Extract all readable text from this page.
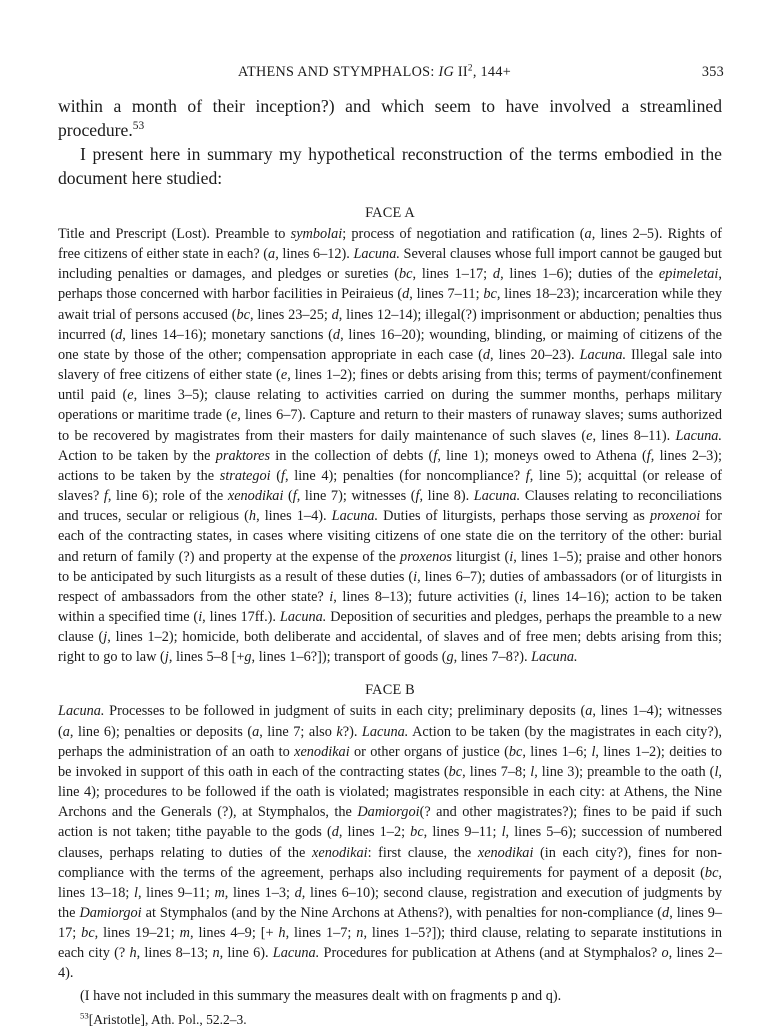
ATHENS AND STYMPHALOS: IG $II^2$, 144+	353

within a month of their inception?) and which seem to have involved a streamlined procedure.$^{53}$

I present here in summary my hypothetical reconstruction of the terms embodied in the document here studied:

FACE A

Title and Prescript (Lost). Preamble to symbolai; process of negotiation and ratification (a, lines 2–5). Rights of free citizens of either state in each? (a, lines 6–12). Lacuna. Several clauses whose full import cannot be gauged but including penalties or damages, and pledges or sureties (bc, lines 1–17; d, lines 1–6); duties of the epimeletai, perhaps those concerned with harbor facilities in Peiraieus (d, lines 7–11; bc, lines 18–23); incarceration while they await trial of persons accused (bc, lines 23–25; d, lines 12–14); illegal(?) imprisonment or abduction; penalties thus incurred (d, lines 14–16); monetary sanctions (d, lines 16–20); wounding, blinding, or maiming of citizens of the one state by those of the other; compensation appropriate in each case (d, lines 20–23). Lacuna. Illegal sale into slavery of free citizens of either state (e, lines 1–2); fines or debts arising from this; terms of payment/confinement until paid (e, lines 3–5); clause relating to activities carried on during the summer months, perhaps military operations or maritime trade (e, lines 6–7). Capture and return to their masters of runaway slaves; sums authorized to be recovered by magistrates from their masters for daily maintenance of such slaves (e, lines 8–11). Lacuna. Action to be taken by the praktores in the collection of debts (f, line 1); moneys owed to Athena (f, lines 2–3); actions to be taken by the strategoi (f, line 4); penalties (for noncompliance? f, line 5); acquittal (or release of slaves? f, line 6); role of the xenodikai (f, line 7); witnesses (f, line 8). Lacuna. Clauses relating to reconciliations and truces, secular or religious (h, lines 1–4). Lacuna. Duties of liturgists, perhaps those serving as proxenoi for each of the contracting states, in cases where visiting citizens of one state die on the territory of the other: burial and return of family (?) and property at the expense of the proxenos liturgist (i, lines 1–5); praise and other honors to be anticipated by such liturgists as a result of these duties (i, lines 6–7); duties of ambassadors (or of liturgists in respect of ambassadors from the other state? i, lines 8–13); future activities (i, lines 14–16); action to be taken within a specified time (i, lines 17ff.). Lacuna. Deposition of securities and pledges, perhaps the preamble to a new clause (j, lines 1–2); homicide, both deliberate and accidental, of slaves and of free men; debts arising from this; right to go to law (j, lines 5–8 [+g, lines 1–6?]); transport of goods (g, lines 7–8?). Lacuna.

FACE B

Lacuna. Processes to be followed in judgment of suits in each city; preliminary deposits (a, lines 1–4); witnesses (a, line 6); penalties or deposits (a, line 7; also k?). Lacuna. Action to be taken (by the magistrates in each city?), perhaps the administration of an oath to xenodikai or other organs of justice (bc, lines 1–6; l, lines 1–2); deities to be invoked in support of this oath in each of the contracting states (bc, lines 7–8; l, line 3); preamble to the oath (l, line 4); procedures to be followed if the oath is violated; magistrates responsible in each city: at Athens, the Nine Archons and the Generals (?), at Stymphalos, the Damiorgoi(? and other magistrates?); fines to be paid if such action is not taken; tithe payable to the gods (d, lines 1–2; bc, lines 9–11; l, lines 5–6); succession of numbered clauses, perhaps relating to duties of the xenodikai: first clause, the xenodikai (in each city?), fines for non-compliance with the terms of the agreement, perhaps also including requirements for payment of a deposit (bc, lines 13–18; l, lines 9–11; m, lines 1–3; d, lines 6–10); second clause, registration and execution of judgments by the Damiorgoi at Stymphalos (and by the Nine Archons at Athens?), with penalties for non-compliance (d, lines 9–17; bc, lines 19–21; m, lines 4–9; [+ h, lines 1–7; n, lines 1–5?]); third clause, relating to separate institutions in each city (? h, lines 8–13; n, line 6). Lacuna. Procedures for publication at Athens (and at Stymphalos? o, lines 2–4).

(I have not included in this summary the measures dealt with on fragments p and q).

$^{53}$[Aristotle], Ath. Pol., 52.2–3.
